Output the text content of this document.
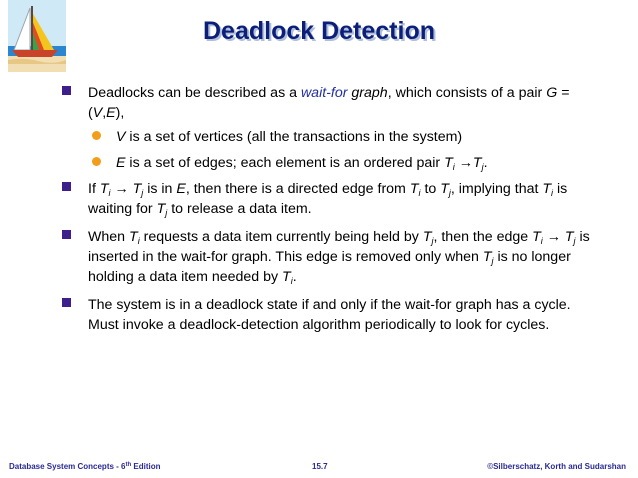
Deadlock Detection
Deadlocks can be described as a wait-for graph, which consists of a pair G = (V,E),
V is a set of vertices (all the transactions in the system)
E is a set of edges; each element is an ordered pair $T_i \to T_j$.
If $T_i \to T_j$ is in E, then there is a directed edge from $T_i$ to $T_j$, implying that $T_i$ is waiting for $T_j$ to release a data item.
When $T_i$ requests a data item currently being held by $T_j$, then the edge $T_i \to T_j$ is inserted in the wait-for graph. This edge is removed only when $T_j$ is no longer holding a data item needed by $T_i$.
The system is in a deadlock state if and only if the wait-for graph has a cycle. Must invoke a deadlock-detection algorithm periodically to look for cycles.
Database System Concepts - 6th Edition	15.7	©Silberschatz, Korth and Sudarshan
